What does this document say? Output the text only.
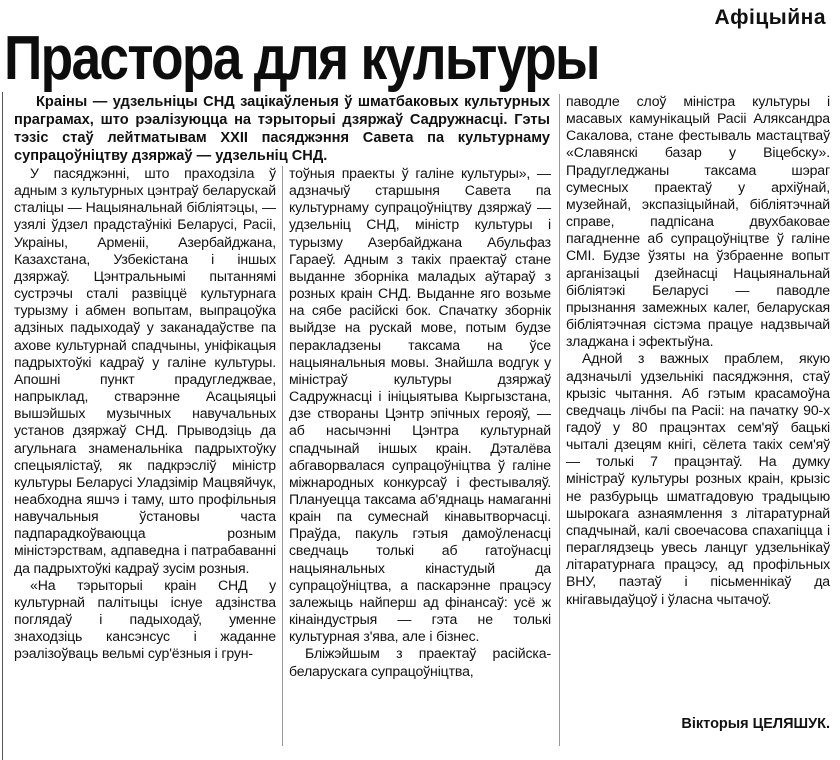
Афіцыйна
Прастора для культуры
Краіны — удзельніцы СНД зацікаўленыя ў шматбаковых культурных праграмах, што рэалізуюцца на тэрыторыі дзяржаў Садружнасці. Гэты тэзіс стаў лейтматывам XXII пасяджэння Савета па культурнаму супрацоўніцтву дзяржаў — удзельніц СНД.

У пасяджэнні, што праходзіла ў адным з культурных цэнтраў беларускай сталіцы — Нацыянальнай бібліятэцы, — узялі ўдзел прадстаўнікі Беларусі, Расіі, Украіны, Арменіі, Азербайджана, Казахстана, Узбекістана і іншых дзяржаў. Цэнтральнымі пытаннямі сустрэчы сталі развіццё культурнага турызму і абмен вопытам, выпрацоўка адзіных падыходаў у заканадаўстве па ахове культурнай спадчыны, уніфікацыя падрыхтоўкі кадраў у галіне культуры. Апошні пункт прадугледжвае, напрыклад, стварэнне Асацыяцыі вышэйшых музычных навучальных установ дзяржаў СНД. Прыводзіць да агульнага знаменальніка падрыхтоўку спецыялістаў, як падкрэсліў міністр культуры Беларусі Уладзімір Мацвяйчук, неабходна яшчэ і таму, што профільныя навучальныя ўстановы часта падпарадкоўваюцца розным міністэрствам, адпаведна і патрабаванні да падрыхтоўкі кадраў зусім розныя.

«На тэрыторыі краін СНД у культурнай палітыцы існуе адзінства поглядаў і падыходаў, уменне знаходзіць кансэнсус і жаданне рэалізоўваць вельмі сур'ёзныя і грун-

тоўныя праекты ў галіне культуры», — адзначыў старшыня Савета па культурнаму супрацоўніцтву дзяржаў — удзельніц СНД, міністр культуры і турызму Азербайджана Абульфаз Гараеў. Адным з такіх праектаў стане выданне зборніка маладых аўтараў з розных краін СНД. Выданне яго возьме на сябе расійскі бок. Спачатку зборнік выйдзе на рускай мове, потым будзе перакладзены таксама на ўсе нацыянальныя мовы. Знайшла водгук у міністраў культуры дзяржаў Садружнасці і ініцыятыва Кыргызстана, дзе створаны Цэнтр эпічных герояў, — аб насычэнні Цэнтра культурнай спадчынай іншых краін. Дэталёва абгаворвалася супрацоўніцтва ў галіне міжнародных конкурсаў і фестываляў. Плануецца таксама аб'яднаць намаганні краін па сумеснай кінавытворчасці. Праўда, пакуль гэтыя дамоўленасці сведчаць толькі аб гатоўнасці нацыянальных кінастудый да супрацоўніцтва, а паскарэнне працэсу залежыць найперш ад фінансаў: усё ж кінаіндустрыя — гэта не толькі культурная з'ява, але і бізнес.

Бліжэйшым з праектаў расійска-беларускага супрацоўніцтва,

паводле слоў міністра культуры і масавых камунікацый Расіі Аляксандра Сакалова, стане фестываль мастацтваў «Славянскі базар у Віцебску». Прадугледжаны таксама шэраг сумесных праектаў у архіўнай, музейнай, экспазіцыйнай, бібліятэчнай справе, падпісана двухбаковае пагадненне аб супрацоўніцтве ў галіне СМІ. Будзе ўзяты на ўзбраенне вопыт арганізацыі дзейнасці Нацыянальнай бібліятэкі Беларусі — паводле прызнання замежных калег, беларуская бібліятэчная сістэма працуе надзвычай зладжана і эфектыўна.

Адной з важных праблем, якую адзначылі удзельнікі пасяджэння, стаў крызіс чытання. Аб гэтым красамоўна сведчаць лічбы па Расіі: на пачатку 90-х гадоў у 80 працэнтах сем'яў бацькі чыталі дзецям кнігі, сёлета такіх сем'яў — толькі 7 працэнтаў. На думку міністраў культуры розных краін, крызіс не разбурыць шматгадовую традыцыю шырокага азнаямлення з літаратурнай спадчынай, калі своечасова спахапіцца і пераглядзець увесь ланцуг удзельнікаў літаратурнага працэсу, ад профільных ВНУ, паэтаў і пісьменнікаў да кнігавыдаўцоў і ўласна чытачоў.

Вікторыя ЦЕЛЯШУК.
